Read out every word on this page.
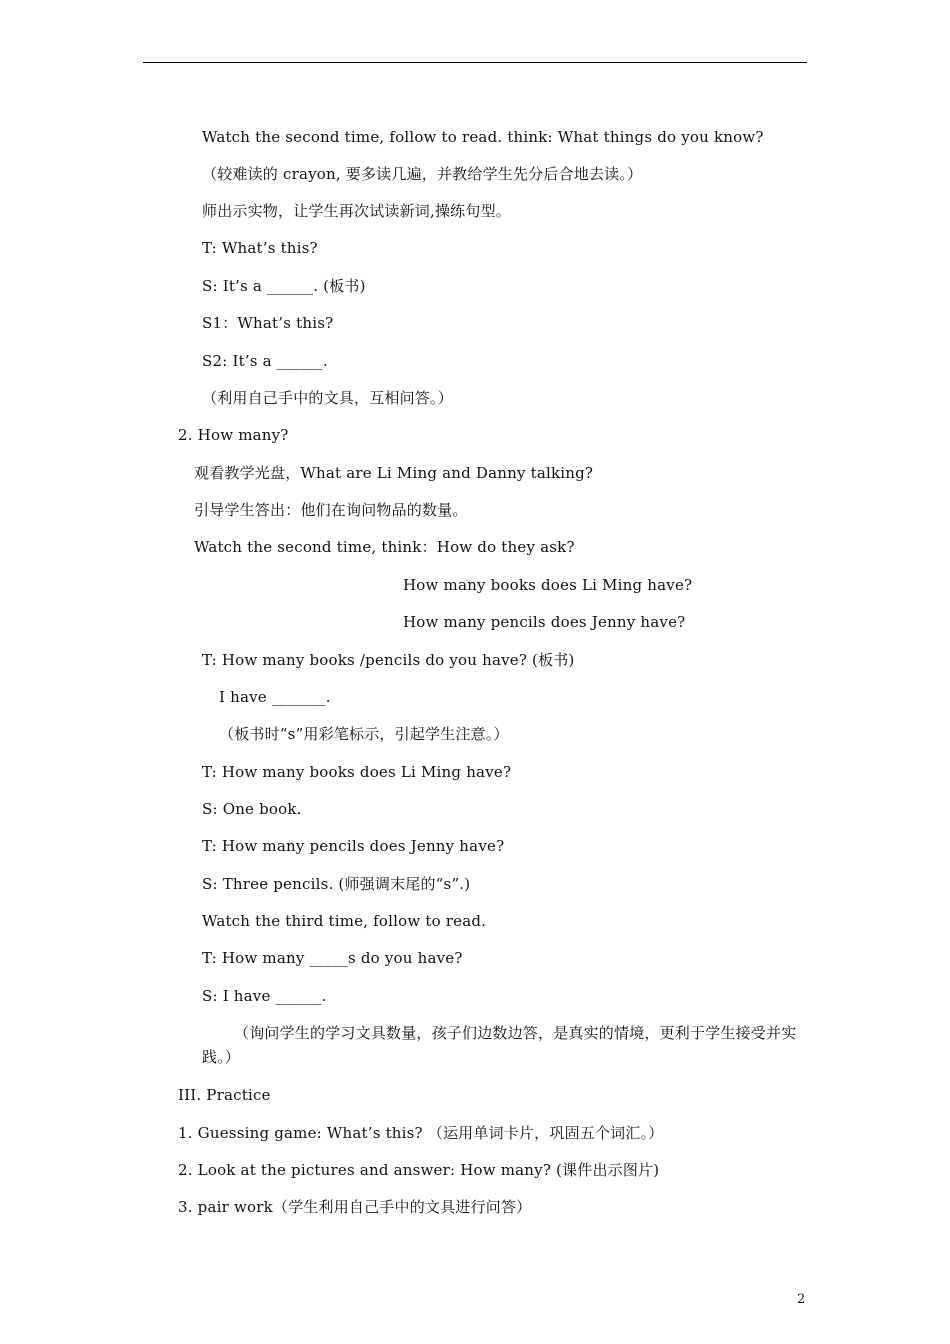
Watch the second time, follow to read. think: What things do you know?
（较难读的 crayon, 要多读几遍，并教给学生先分后合地去读。）
师出示实物，让学生再次试读新词,操练句型。
T: What’s this?
S: It’s a ______. (板书)
S1：What’s this?
S2: It’s a ______.
（利用自己手中的文具，互相问答。）
2. How many?
观看教学光盘，What are Li Ming and Danny talking?
引导学生答出：他们在询问物品的数量。
Watch the second time, think：How do they ask?
How many books does Li Ming have?
How many pencils does Jenny have?
T: How many books /pencils do you have? (板书)
I have _______.
（板书时“s”用彩笔标示，引起学生注意。）
T: How many books does Li Ming have?
S: One book.
T: How many pencils does Jenny have?
S: Three pencils. (师强调末尾的“s”.)
Watch the third time, follow to read.
T: How many _____s do you have?
S: I have ______.
（询问学生的学习文具数量，孩子们边数边答，是真实的情境，更利于学生接受并实践。）
III. Practice
1. Guessing game: What’s this? （运用单词卡片，巩固五个词汇。）
2. Look at the pictures and answer: How many? (课件出示图片)
3. pair work（学生利用自己手中的文具进行问答）
2
